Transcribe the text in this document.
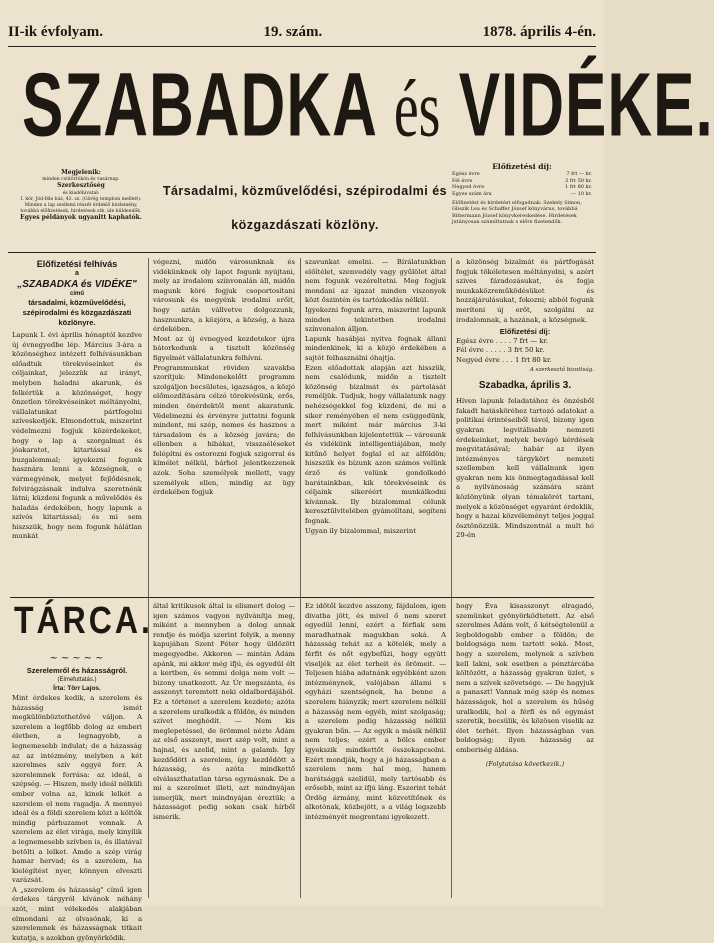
II-ik évfolyam.	19. szám.	1878. április 4-én.
SZABADKA és VIDÉKE.
Megjelenik:
minden csütörtökön és vasárnap.
Szerkesztőség
és kiadóhivatal:
I. kör, Jód-féle ház, 43. sz. (Görög templom mellett).
Minden a lap szellemi részét érdeklő közlemény, továbbá előfizetések, hirdetések stb. ide küldendők.
Egyes példányok ugyanitt kaphatók.
Társadalmi, közművelődési, szépirodalmi és
közgazdászati közlöny.
Előfizetési díj:
Egész évre	7 frt — kr.
Fél évre	3 frt 50 kr.
Negyed évre	1 frt 80 kr.
Egyes szám ára	— 10 kr.
Előfizetést és hirdetést elfogadnak: Szekely Simon, Gliszik Lea és Schaffer József könyvárus, továbbá Bittermann József könyvkereskedése. Hirdetések jutányosan számíttatnak s előre fizetendők.
Előfizetési felhívás
a
„SZABADKA és VIDÉKE"
című
társadalmi, közművelődési, szépirodalmi és közgazdászati közlönyre.
Lapunk I. évi április hónaptól kezdve új évnegyedbe lép. Március 3-ára a közönséghez intézett felhívásunkban előadtuk törekvéseinket és céljainkat, jelezzük az irányt, melyben haladni akarunk, és felkértük a közönséget, hogy önzetlen törekvéseinket méltányolni, vállalatunkat pártfogolni szíveskedjék. Elmondottuk, miszerint védelmezni fogjuk közérdekeket, hogy e lap a szorgalmat és jóakaratot, kitartással és buzgalommal; igyekezni fogunk hasznára lenni a községnek, e vármegyének, melyet fejlődésnek, felvirágzásnak indulva szeretnénk látni; küzdeni fogunk a művelődés és haladás érdekében, hogy lapunk a szívós kitartással; és mi sem hiszszük, hogy nem fogunk hálátlan munkát
végezni, midőn városunknak és vidékünknek oly lapot fogunk nyújtani, mely az irodalom színvonalán áll, midőn magunk köré fogjuk csoportosítani városunk és megyénk irodalmi erőit, hogy aztán vállvetve dolgozzunk, hasznunkra, a közjóra, a község, a haza érdekében.
Most az új évnegyed kezdetekor újra bátorkodunk a tisztelt közönség figyelmét vállalatunkra felhívni.
Programmunkat röviden szavakba szorítjuk: Mindenekelőtt programm szolgáljon becsületes, igazságos, a közjó előmozdítására célzó törekvésünk, erős, minden önérdektől ment akaratunk. Védelmezni és érvényre juttatni fogunk mindent, mi szép, nemes és hasznos a társadalom és a község javára; de ellenben a hibákat, visszaéléseket felépítni és ostorozni fogjuk szigorral és kímélet nélkül, bárhol jelentkezzenek azok. Soha személyek mellett, vagy személyek ellen, mindig az ügy érdekében fogjuk
szavunkat emelni. — Bírálatunkban előítélet, szenvedély vagy gyűlölet által nem fogunk vezéreltetni. Meg fogjuk mondani az igazat minden viszonyok közt őszintén és tartózkodás nélkül.
Igyekezni fogunk arra, miszerint lapunk minden tekintetben irodalmi színvonalon álljon.
Lapunk hasábjai nyitva fognak állani mindenkinek, ki a közjó érdekében a sajtót felhasználni óhajtja.
Ezen előadottak alapján azt hisszük, nem csalódunk, midőn a tisztelt közönség bizalmát és pártolását reméljük. Tudjuk, hogy vállalatunk nagy nehézségekkel fog küzdeni, de mi a siker reményében el nem csüggedünk, mert miként már március 3-ki felhívásunkban kijelentettük — városunk és vidékünk intelligentiájában, mely kitűnő helyet foglal el az alföldön; hiszszük és bízunk azon számos velünk érző és velünk gondolkodó barátainkban, kik törekvéseink és céljaink sikeréért munkálkodni kívánnak. Ily bizalommal célunk keresztülvitelében gyámolítani, segíteni fognak.
Ugyan ily bizalommal, miszerint
a közönség bizalmát és pártfogását fogjuk tökéletesen méltányolni, s azért szives fáradozásukat, és fogja munkaközreműködésüket és hozzájárulásukat, fokozni; abból fogunk meríteni új erőt, szolgálni az irodalomnak, a hazának, a községnek.
Előfizetési díj:
Egész évre . . . . 7 frt — kr.
Fél évre . . . . . 3 frt 50 kr.
Negyed évre . . . 1 frt 80 kr.
A szerkesztő bizottság.
Szabadka, április 3.
Híven lapunk feladatához és önzésből fakadt hatásköréhez tartozó adatokat a politikai érintéseiből távol, bizony igen gyakran legvitálisabb nemzeti érdekeinket, melyek bevágó kérdések megvitatásával; habár az ilyen intézményes tárgykört nemzeti szellemben kell vállalnunk igen gyakran nem kis önmegtagadással kell a nyilvánosság számára szánt közlönyünk olyan témakörét tartani, melyek a közönséget egyaránt érdeklik, hogy a hazai közvéleményt teljes joggal ösztönözzük. Mindszentnál a mult hó 29-én
TÁRCA.
~~~~~
Szerelemről és házasságról.
(Elmefuttatás.)
Írta: Törr Lajos.
Mint érdekes kedik, a szerelem és házasság ismét megkülönböztethetővé váljon. A szerelem a legfőbb dolog az emberi életben, a legnagyobb, a legnemesebb indulat; de a házasság az az intézmény, melyben a két szerelmes szív eggyé forr. A szerelemnek forrása: az ideál, a szépség. — Hiszen, mely ideál nélküli ember volna az, kinek lelkét a szerelem el nem ragadja. A mennyei ideál és a földi szerelem közt a költők mindig párhuzamot vonnak. A szerelem az élet virága, mely kinyílik a legnemesebb szívben is, és illatával betölti a lelket. Ámde a szép virág hamar hervad; és a szerelem, ha kielégítést nyer, könnyen elveszti varázsát.
A „szerelem és házasság" című igen érdekes tárgyról kívánok néhány szót, mint vélekedés alakjában elmondani az olvasónak, ki a szerelemnek és házasságnak titkait kutatja, s azokban gyönyörködik.
által kritikusok által is elismert dolog — igen számos vagyon nyilvánítja meg, miként a mennyben a dolog annak rendje és módja szerint folyik, a menny kapujában Szent Péter hogy üldözött megegyedbe. Akkoron — mintán Ádám apánk, mi akkor még ifjú, és egyedül élt a kertben, és semmi dolga nem volt — bizony unatkozott. Az Úr megszánta, és asszonyt teremtett neki oldalbordájából. Ez a történet a szerelem kezdete; azóta a szerelem uralkodik a földön, és minden szívet meghódít. — Nem kis meglepetéssel, de örömmel nézte Ádám az első asszonyt, mert szép volt, mint a hajnal, és szelíd, mint a galamb. Így kezdődött a szerelem, így kezdődött a házasság, és azóta mindkettő elválaszthatatlan társa egymásnak. De a mi a szerelmet illeti, azt mindnyájan ismerjük, mert mindnyájan éreztük; a házasságot pedig sokan csak hírből ismerik.
Ez idötől kezdve asszony, fájdalom, igen divatba jött, és mivel ő nem szeret egyedül lenni, ezért a férfiak sem maradhatnak magukban soká. A házasság tehát az a kötelék, mely a férfit és nőt egybefűzi, hogy együtt viseljék az élet terheit és örömeit. — Teljesen hiába adatnánk egyébként azon intézménynek, valójában állami s egyházi szentségnek, ha benne a szerelem hiányzik; mert szerelem nélkül a házasság nem egyéb, mint szolgaság; a szerelem pedig házasság nélkül gyakran bűn. — Az egyik a másik nélkül nem teljes; ezért a bölcs ember igyekszik mindkettőt összekapcsolni. Ezért mondják, hogy a jó házasságban a szerelem nem hal meg, hanem barátsággá szelídül, mely tartósabb és erősebb, mint az ifjú láng. Eszerint tehát Ördög ármány, mint közvetítőnek és alkotónak, közbejött, s a világ legszebb intézményét megrontani igyekezett.
hogy Éva kisasszonyt elragadó, szemünket gyönyörködtetett. Az első szerelmes Ádám volt, ő kétségtelenül a legboldogabb ember a földön; de boldogsága nem tartott soká. Most, hogy a szerelem, melynek a szívben kell lakni, sok esetben a pénztárcába költözött, a házasság gyakran üzlet, s nem a szívek szövetsége. — De hagyjuk a panaszt! Vannak még szép és nemes házasságok, hol a szerelem és hűség uralkodik, hol a férfi és nő egymást szeretik, becsülik, és közösen viselik az élet terhét. Ilyen házasságban van boldogság; ilyen házasság az emberiség áldása.
(Folytatása következik.)
